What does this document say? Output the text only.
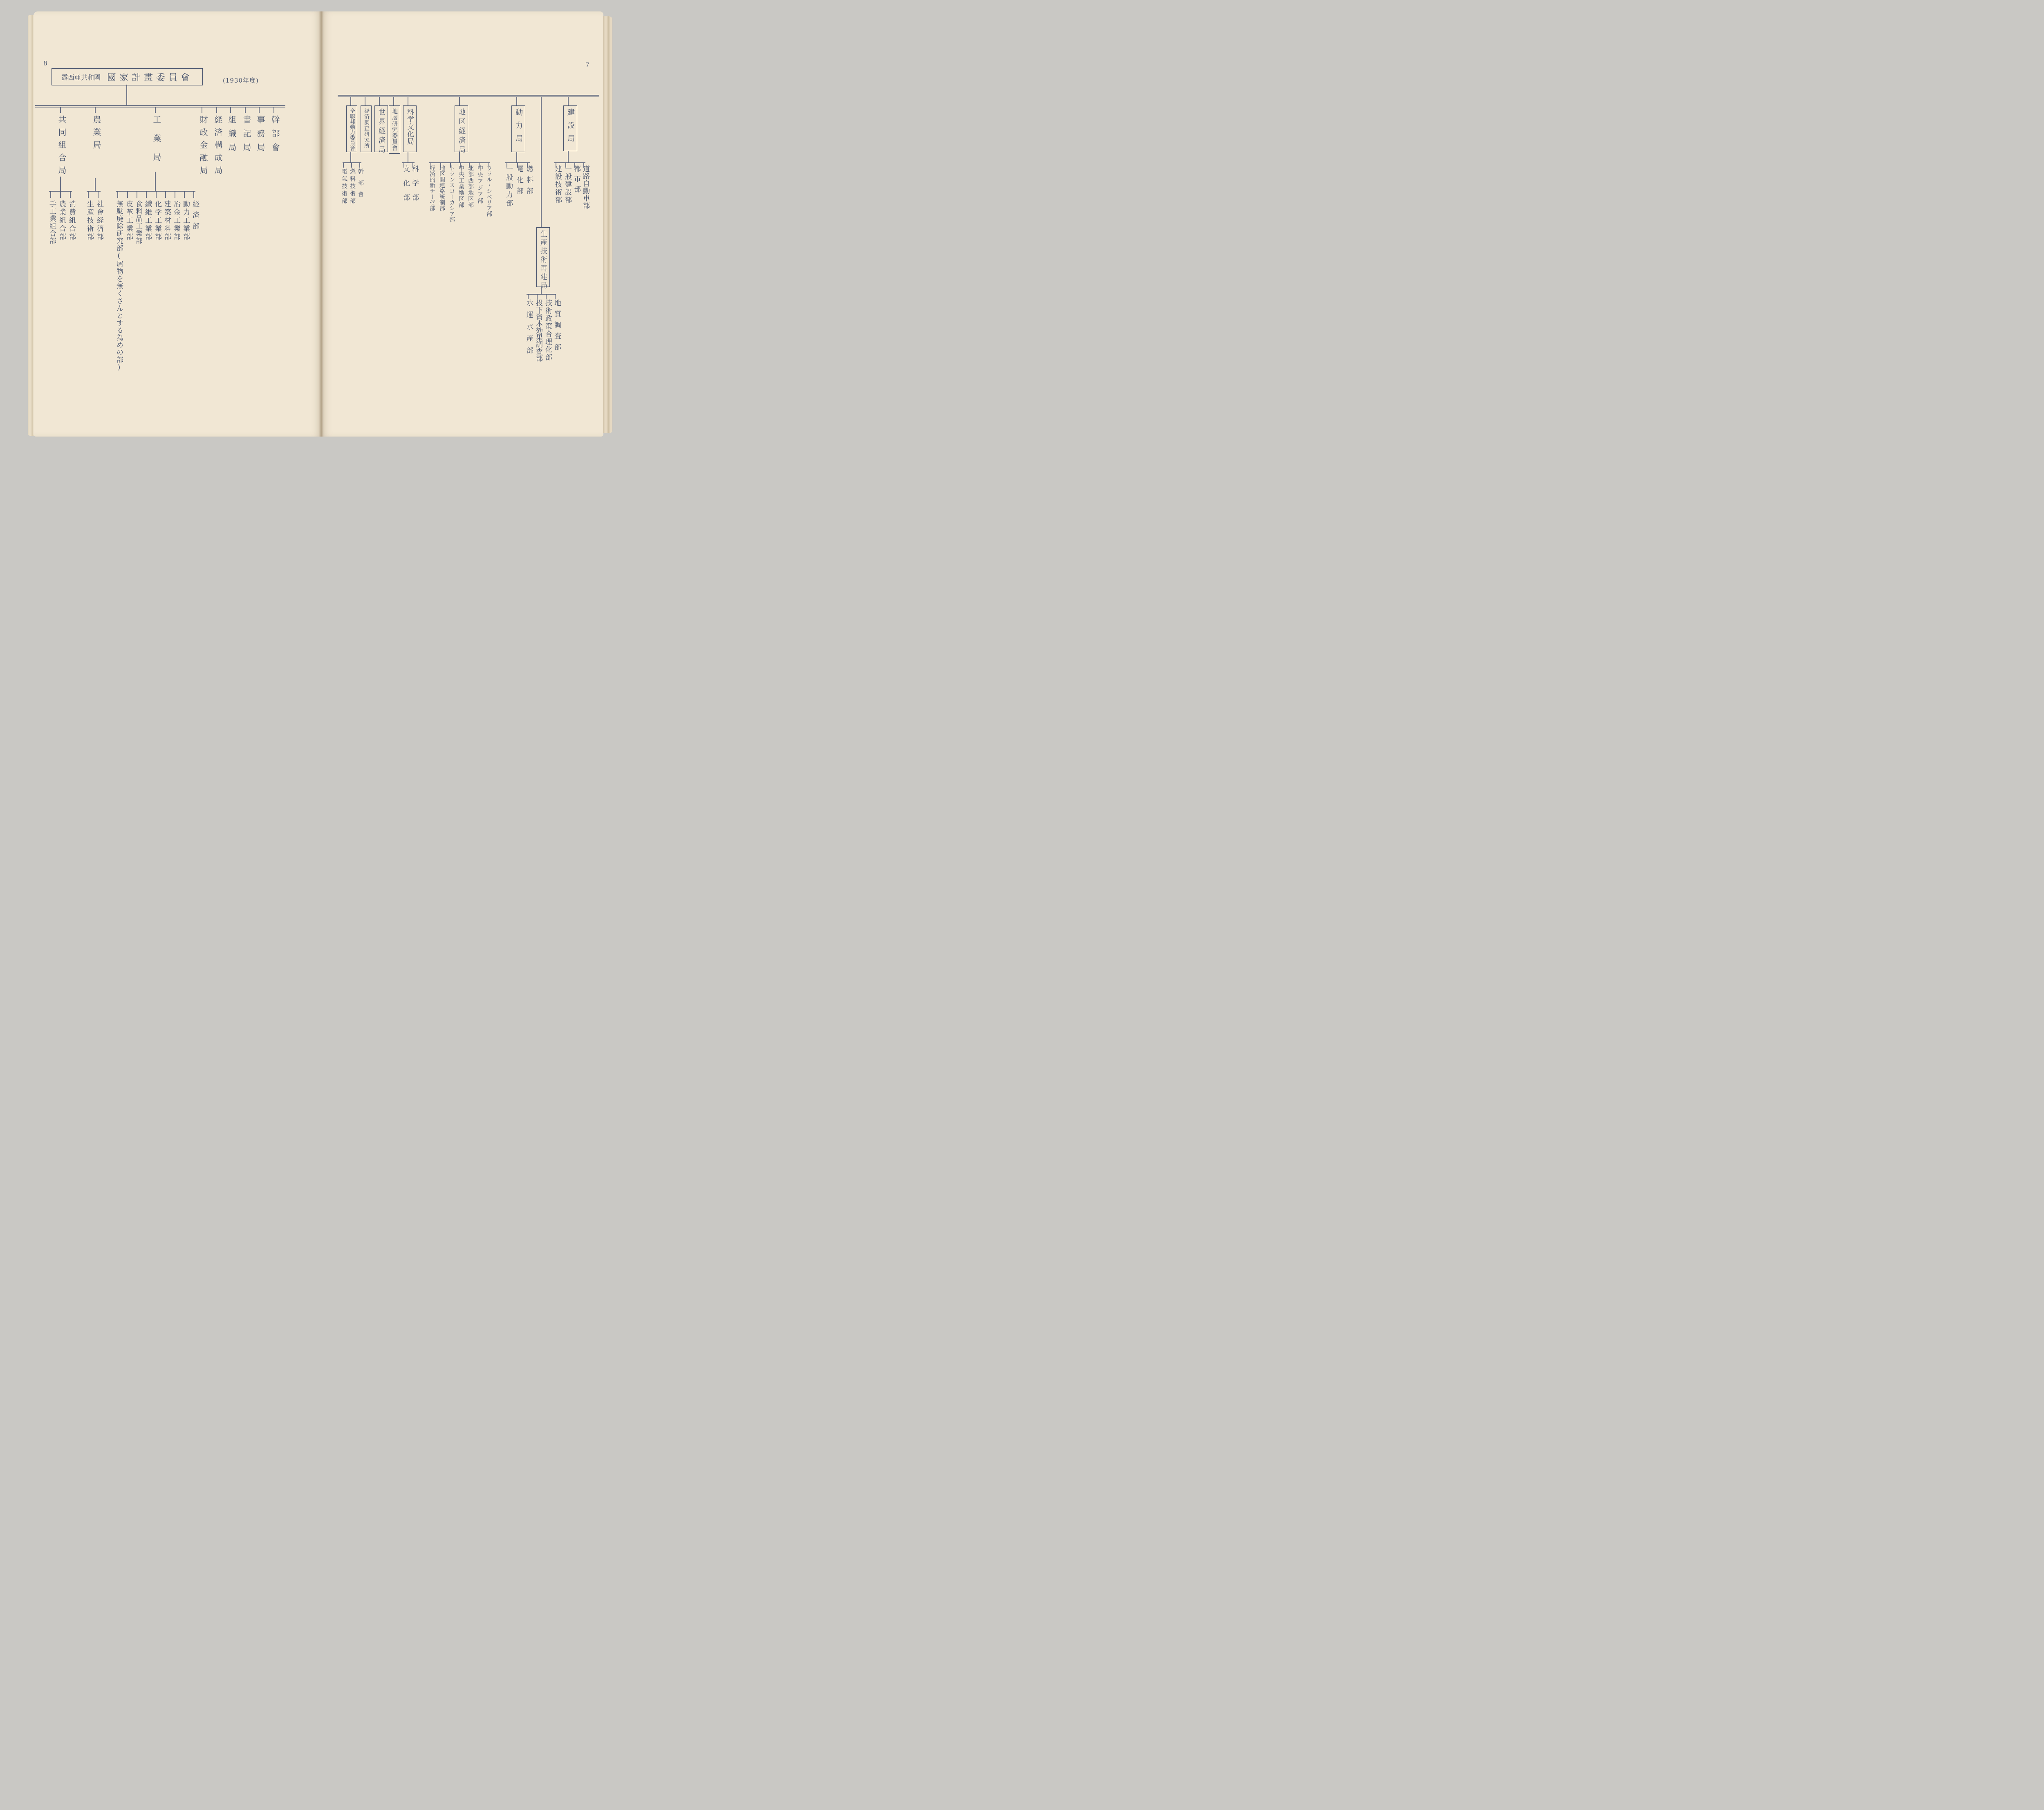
8	7
露西亜共和國 國家計畫委員會	(1930年度)
共同組合局	農業局	工業局	財政金融局 経済構成局 組織局 書記局 事務局 幹部會
消費組合部
農業組合部
手工業組合部	社會経済部
生産技術部	経済部
動力工業部
冶金工業部
建築材料部
化学工業部
纖維工業部
食料品工業部
皮革工業部
無駄廃除研究部(屑物を無くさんとする為めの部)
全聯邦動力委員會	経済調査研究所	世界経済局	地層研究委員會	科学文化局	地区経済局	動力局	建設局
生産技術再建局
幹部會
燃料技術部
電氣技術部	科学部
文化部	ウラル・シベリア部
中央アジア部
北部西部地区部
中央工業地区部
トランスコーカシア部
地区間連絡統制部
経済的新テーゼ部	燃料部
電化部
一般動力部	道路自動車部
都市部
一般建設部
建設技術部
地質調査部
技術政策合理化部
投下資本効果調査部
水運水産部
